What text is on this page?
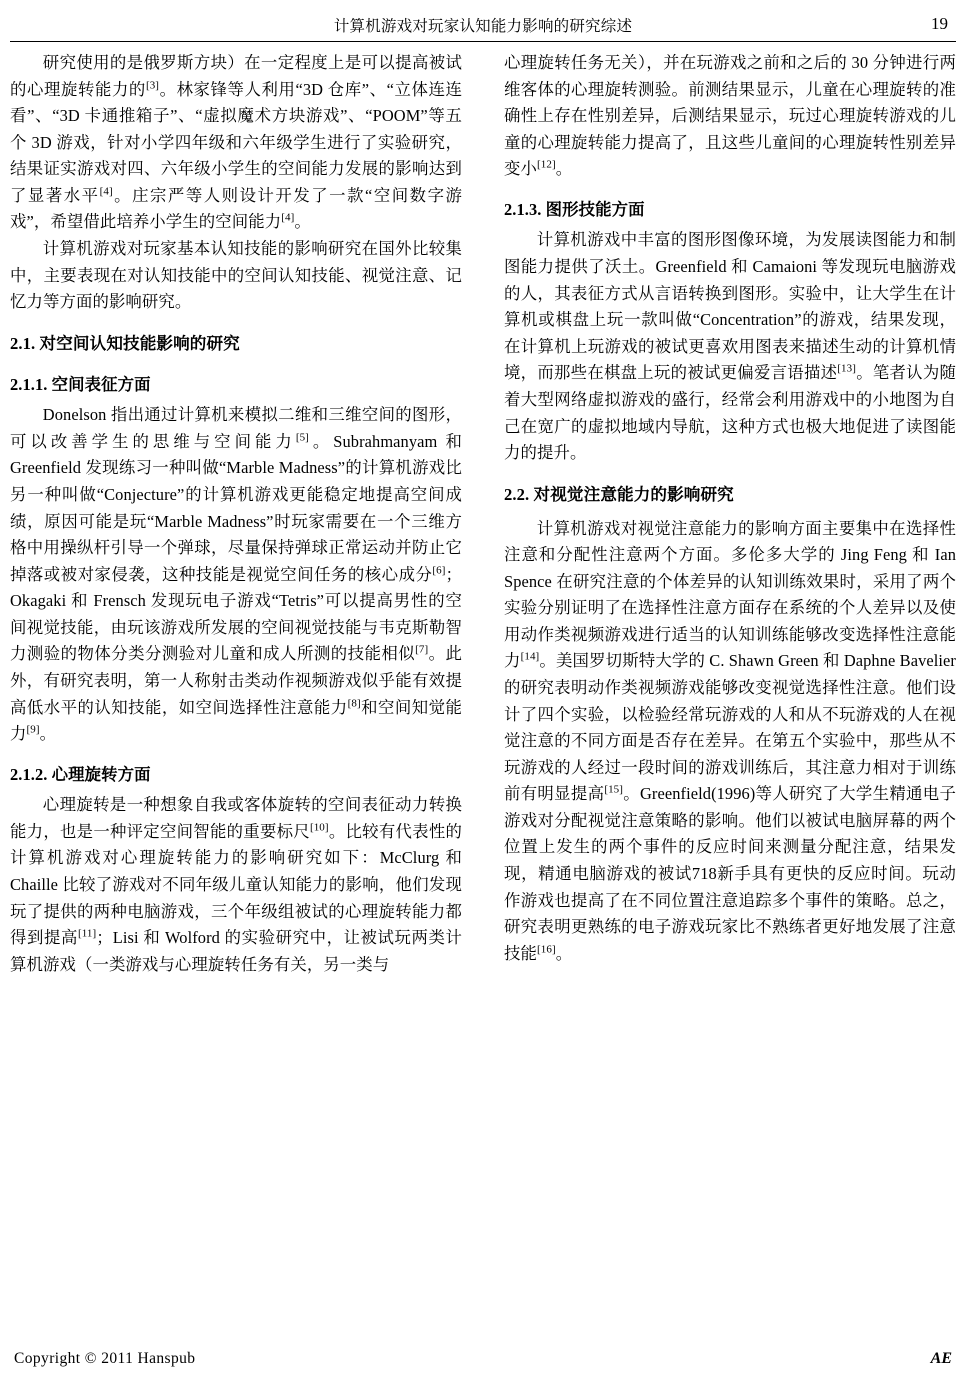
计算机游戏对玩家认知能力影响的研究综述	19

研究使用的是俄罗斯方块）在一定程度上是可以提高被试的心理旋转能力的[3]。林家锋等人利用“3D 仓库”、“立体连连看”、“3D 卡通推箱子”、“虚拟魔术方块游戏”、“POOM”等五个 3D 游戏，针对小学四年级和六年级学生进行了实验研究，结果证实游戏对四、六年级小学生的空间能力发展的影响达到了显著水平[4]。庄宗严等人则设计开发了一款“空间数字游戏”，希望借此培养小学生的空间能力[4]。

计算机游戏对玩家基本认知技能的影响研究在国外比较集中，主要表现在对认知技能中的空间认知技能、视觉注意、记忆力等方面的影响研究。

2.1. 对空间认知技能影响的研究
2.1.1. 空间表征方面

Donelson 指出通过计算机来模拟二维和三维空间的图形，可以改善学生的思维与空间能力[5]。Subrahmanyam 和 Greenfield 发现练习一种叫做“Marble Madness”的计算机游戏比另一种叫做“Conjecture”的计算机游戏更能稳定地提高空间成绩，原因可能是玩“Marble Madness”时玩家需要在一个三维方格中用操纵杆引导一个弹球，尽量保持弹球正常运动并防止它掉落或被对家侵袭，这种技能是视觉空间任务的核心成分[6]；Okagaki 和 Frensch 发现玩电子游戏“Tetris”可以提高男性的空间视觉技能，由玩该游戏所发展的空间视觉技能与韦克斯勒智力测验的物体分类分测验对儿童和成人所测的技能相似[7]。此外，有研究表明，第一人称射击类动作视频游戏似乎能有效提高低水平的认知技能，如空间选择性注意能力[8]和空间知觉能力[9]。

2.1.2. 心理旋转方面

心理旋转是一种想象自我或客体旋转的空间表征动力转换能力，也是一种评定空间智能的重要标尺[10]。比较有代表性的计算机游戏对心理旋转能力的影响研究如下：McClurg 和 Chaille 比较了游戏对不同年级儿童认知能力的影响，他们发现玩了提供的两种电脑游戏，三个年级组被试的心理旋转能力都得到提高[11]；Lisi 和 Wolford 的实验研究中，让被试玩两类计算机游戏（一类游戏与心理旋转任务有关，另一类与

心理旋转任务无关），并在玩游戏之前和之后的 30 分钟进行两维客体的心理旋转测验。前测结果显示，儿童在心理旋转的准确性上存在性别差异，后测结果显示，玩过心理旋转游戏的儿童的心理旋转能力提高了，且这些儿童间的心理旋转性别差异变小[12]。

2.1.3. 图形技能方面

计算机游戏中丰富的图形图像环境，为发展读图能力和制图能力提供了沃土。Greenfield 和 Camaioni 等发现玩电脑游戏的人，其表征方式从言语转换到图形。实验中，让大学生在计算机或棋盘上玩一款叫做“Concentration”的游戏，结果发现，在计算机上玩游戏的被试更喜欢用图表来描述生动的计算机情境，而那些在棋盘上玩的被试更偏爱言语描述[13]。笔者认为随着大型网络虚拟游戏的盛行，经常会利用游戏中的小地图为自己在宽广的虚拟地域内导航，这种方式也极大地促进了读图能力的提升。

2.2. 对视觉注意能力的影响研究

计算机游戏对视觉注意能力的影响方面主要集中在选择性注意和分配性注意两个方面。多伦多大学的 Jing Feng 和 Ian Spence 在研究注意的个体差异的认知训练效果时，采用了两个实验分别证明了在选择性注意方面存在系统的个人差异以及使用动作类视频游戏进行适当的认知训练能够改变选择性注意能力[14]。美国罗切斯特大学的 C. Shawn Green 和 Daphne Bavelier 的研究表明动作类视频游戏能够改变视觉选择性注意。他们设计了四个实验，以检验经常玩游戏的人和从不玩游戏的人在视觉注意的不同方面是否存在差异。在第五个实验中，那些从不玩游戏的人经过一段时间的游戏训练后，其注意力相对于训练前有明显提高[15]。Greenfield(1996)等人研究了大学生精通电子游戏对分配视觉注意策略的影响。他们以被试电脑屏幕的两个位置上发生的两个事件的反应时间来测量分配注意，结果发现，精通电脑游戏的被试718新手具有更快的反应时间。玩动作游戏也提高了在不同位置注意追踪多个事件的策略。总之，研究表明更熟练的电子游戏玩家比不熟练者更好地发展了注意技能[16]。

Copyright © 2011 Hanspub	AE
